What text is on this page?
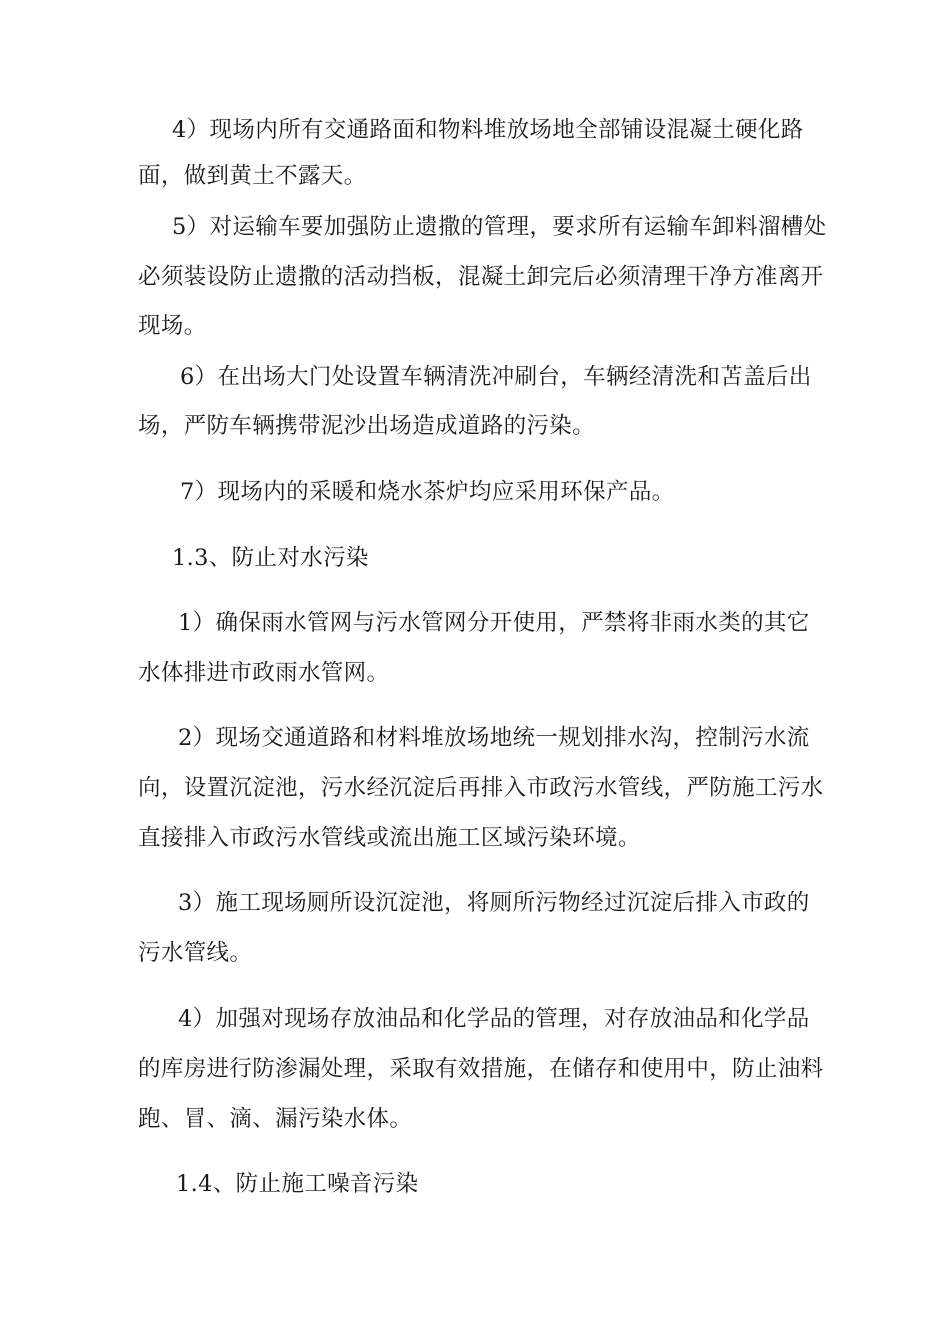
4）现场内所有交通路面和物料堆放场地全部铺设混凝土硬化路
面，做到黄土不露天。
5）对运输车要加强防止遗撒的管理，要求所有运输车卸料溜槽处
必须装设防止遗撒的活动挡板，混凝土卸完后必须清理干净方准离开
现场。
6）在出场大门处设置车辆清洗冲刷台，车辆经清洗和苫盖后出
场，严防车辆携带泥沙出场造成道路的污染。
7）现场内的采暖和烧水茶炉均应采用环保产品。
1.3、防止对水污染
1）确保雨水管网与污水管网分开使用，严禁将非雨水类的其它
水体排进市政雨水管网。
2）现场交通道路和材料堆放场地统一规划排水沟，控制污水流
向，设置沉淀池，污水经沉淀后再排入市政污水管线，严防施工污水
直接排入市政污水管线或流出施工区域污染环境。
3）施工现场厕所设沉淀池，将厕所污物经过沉淀后排入市政的
污水管线。
4）加强对现场存放油品和化学品的管理，对存放油品和化学品
的库房进行防渗漏处理，采取有效措施，在储存和使用中，防止油料
跑、冒、滴、漏污染水体。
1.4、防止施工噪音污染
